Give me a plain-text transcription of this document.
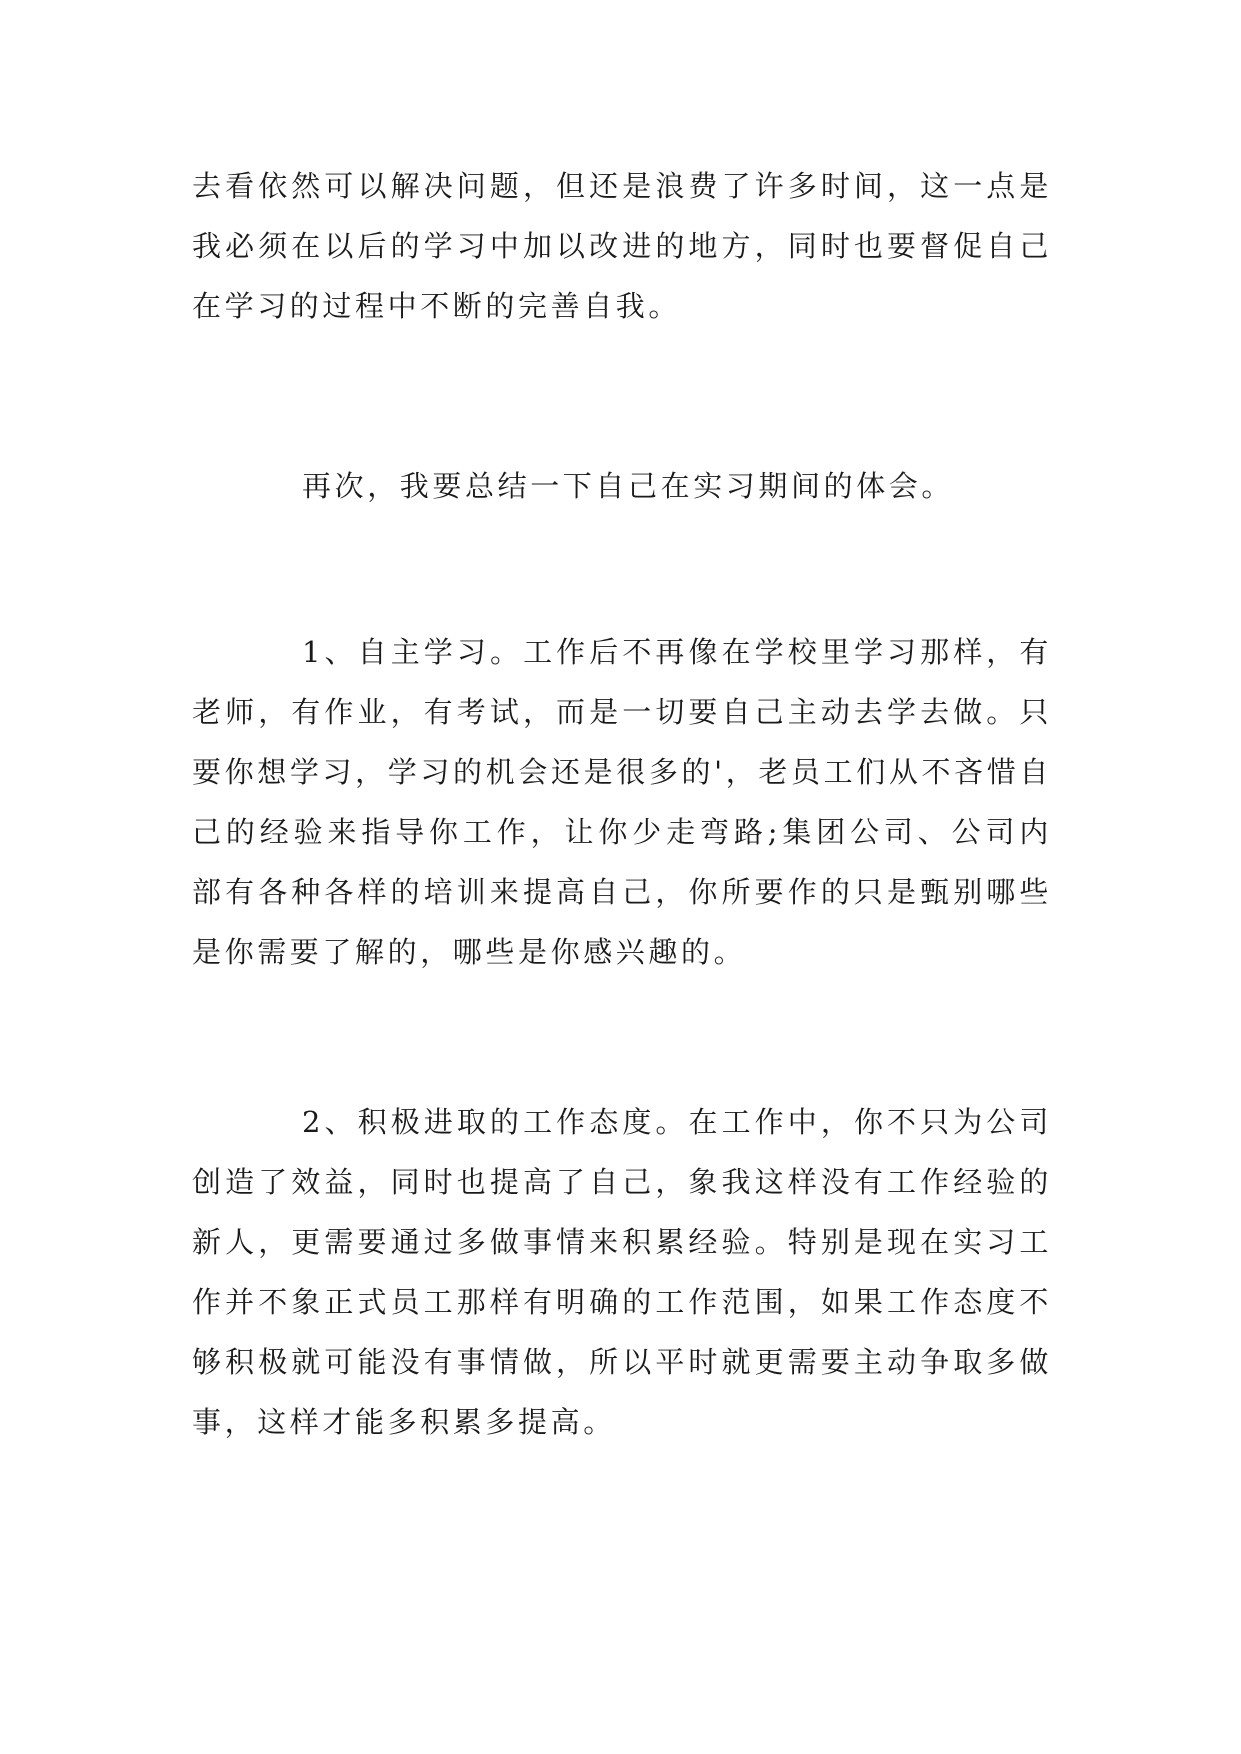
去看依然可以解决问题，但还是浪费了许多时间，这一点是我必须在以后的学习中加以改进的地方，同时也要督促自己在学习的过程中不断的完善自我。

再次，我要总结一下自己在实习期间的体会。

1、自主学习。工作后不再像在学校里学习那样，有老师，有作业，有考试，而是一切要自己主动去学去做。只要你想学习，学习的机会还是很多的'，老员工们从不吝惜自己的经验来指导你工作，让你少走弯路;集团公司、公司内部有各种各样的培训来提高自己，你所要作的只是甄别哪些是你需要了解的，哪些是你感兴趣的。

2、积极进取的工作态度。在工作中，你不只为公司创造了效益，同时也提高了自己，象我这样没有工作经验的新人，更需要通过多做事情来积累经验。特别是现在实习工作并不象正式员工那样有明确的工作范围，如果工作态度不够积极就可能没有事情做，所以平时就更需要主动争取多做事，这样才能多积累多提高。
